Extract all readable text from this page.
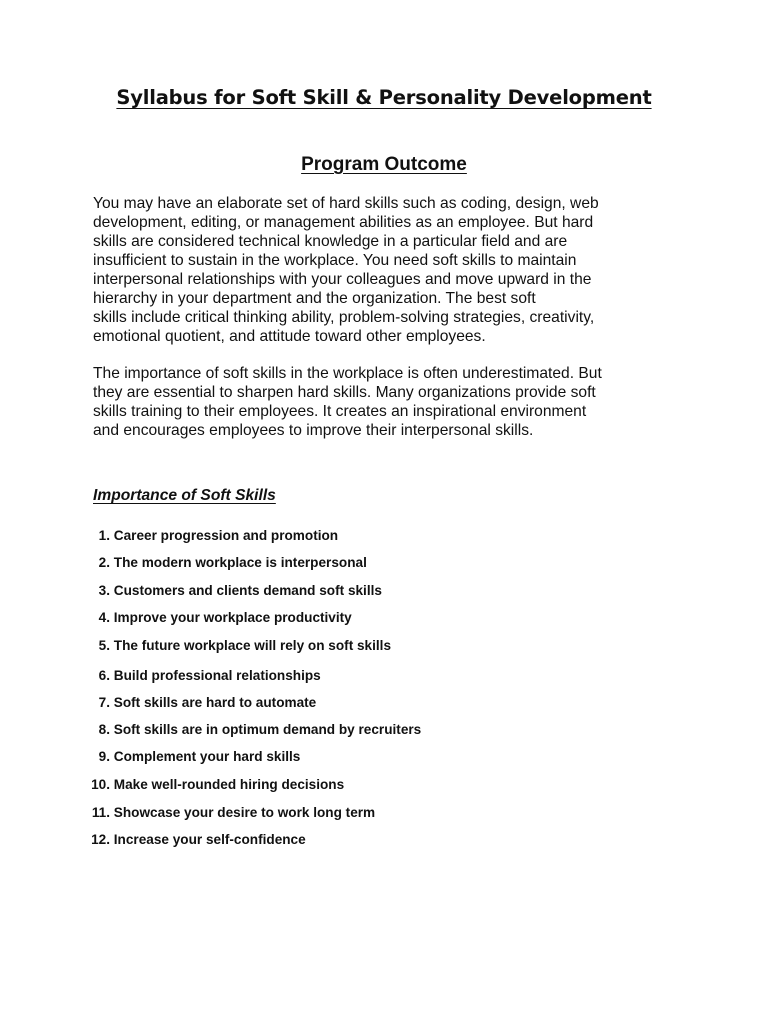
Syllabus for Soft Skill & Personality Development
Program Outcome

You may have an elaborate set of hard skills such as coding, design, web
development, editing, or management abilities as an employee. But hard
skills are considered technical knowledge in a particular field and are
insufficient to sustain in the workplace. You need soft skills to maintain
interpersonal relationships with your colleagues and move upward in the
hierarchy in your department and the organization. The best soft
skills include critical thinking ability, problem-solving strategies, creativity,
emotional quotient, and attitude toward other employees.

The importance of soft skills in the workplace is often underestimated. But
they are essential to sharpen hard skills. Many organizations provide soft
skills training to their employees. It creates an inspirational environment
and encourages employees to improve their interpersonal skills.

Importance of Soft Skills
1. Career progression and promotion
2. The modern workplace is interpersonal
3. Customers and clients demand soft skills
4. Improve your workplace productivity
5. The future workplace will rely on soft skills
6. Build professional relationships
7. Soft skills are hard to automate
8. Soft skills are in optimum demand by recruiters
9. Complement your hard skills
10. Make well-rounded hiring decisions
11. Showcase your desire to work long term
12. Increase your self-confidence
